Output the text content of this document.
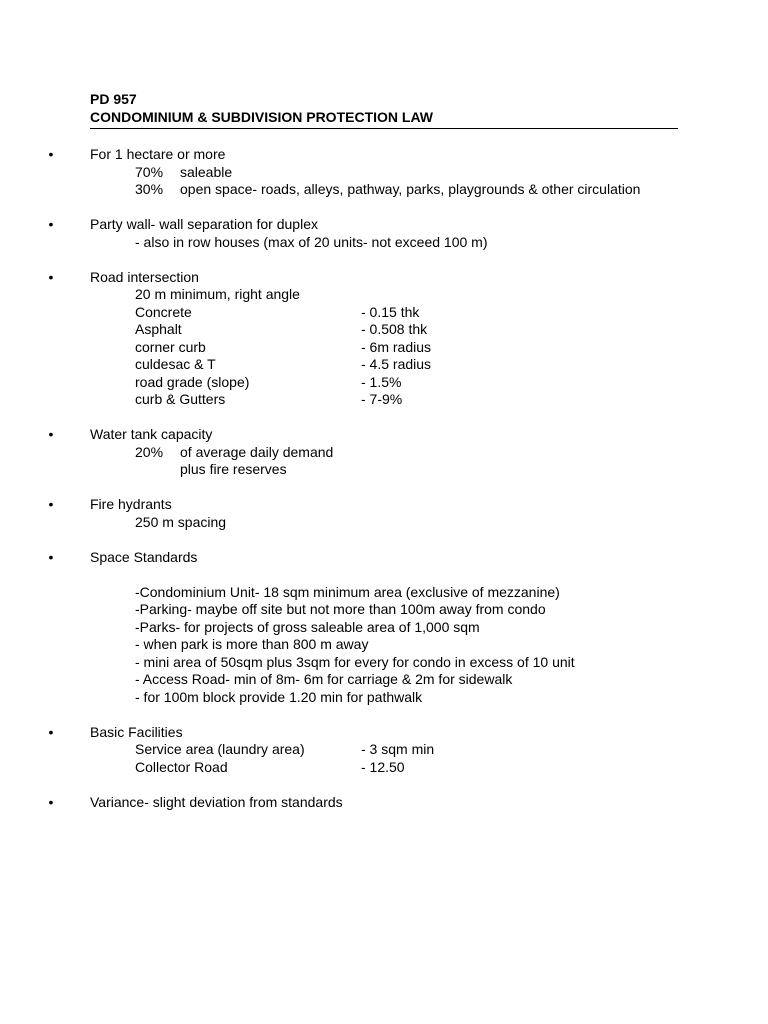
PD 957
CONDOMINIUM & SUBDIVISION PROTECTION LAW
•	For 1 hectare or more
70% saleable
30% open space- roads, alleys, pathway, parks, playgrounds & other circulation
•	Party wall- wall separation for duplex
- also in row houses (max of 20 units- not exceed 100 m)
•	Road intersection
20 m minimum, right angle
Concrete	- 0.15 thk
Asphalt	- 0.508 thk
corner curb	- 6m radius
culdesac & T	- 4.5 radius
road grade (slope)	- 1.5%
curb & Gutters	- 7-9%
•	Water tank capacity
20% of average daily demand
plus fire reserves
•	Fire hydrants
250 m spacing
•	Space Standards
-Condominium Unit- 18 sqm minimum area (exclusive of mezzanine)
-Parking- maybe off site but not more than 100m away from condo
-Parks- for projects of gross saleable area of 1,000 sqm
- when park is more than 800 m away
- mini area of 50sqm plus 3sqm for every for condo in excess of 10 unit
- Access Road- min of 8m- 6m for carriage & 2m for sidewalk
- for 100m block provide 1.20 min for pathwalk
•	Basic Facilities
Service area (laundry area)	- 3 sqm min
Collector Road	- 12.50
•	Variance- slight deviation from standards
